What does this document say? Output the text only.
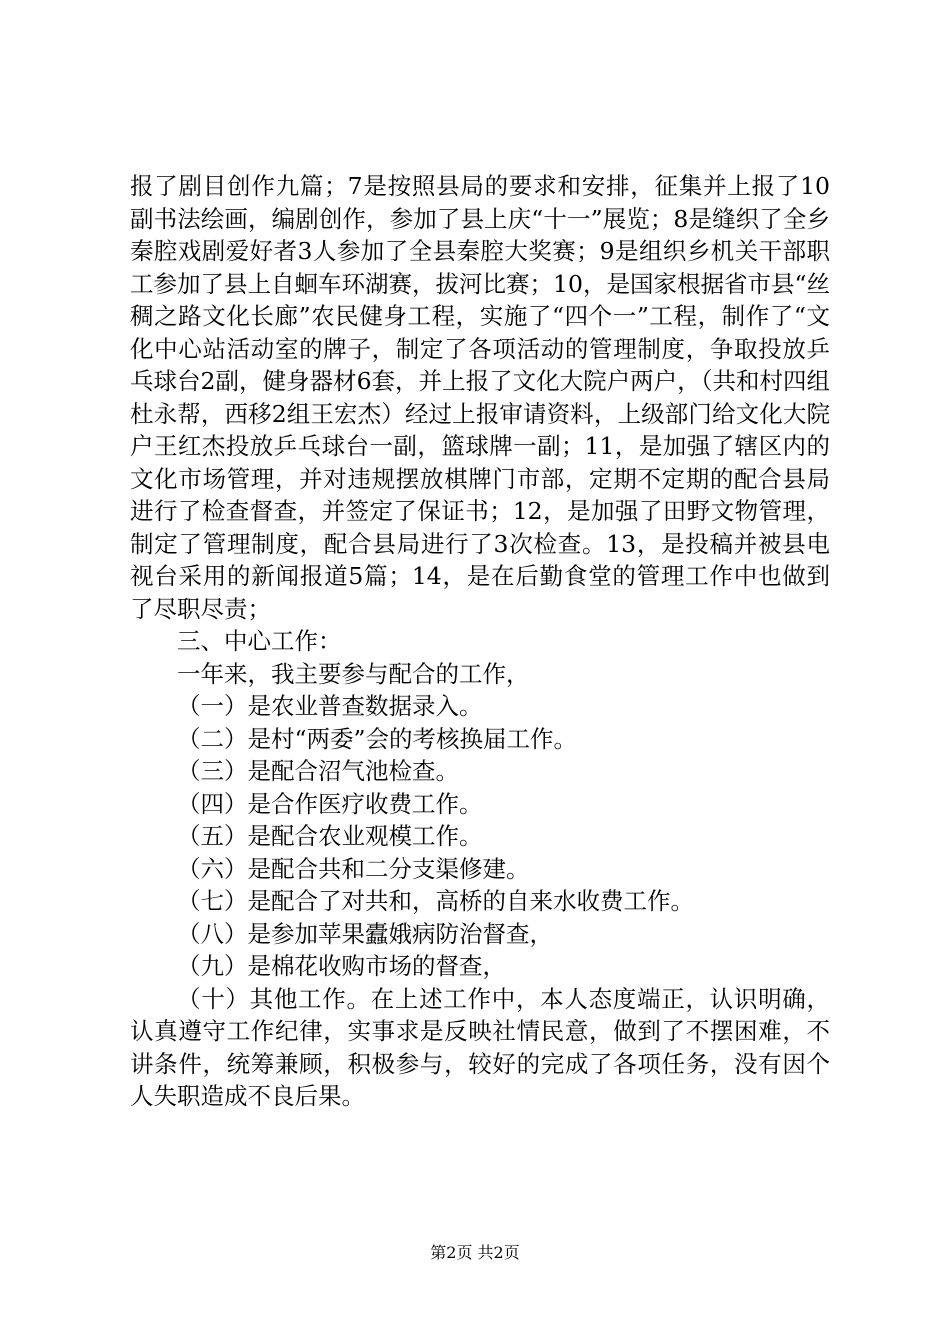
报了剧目创作九篇；7是按照县局的要求和安排，征集并上报了10副书法绘画，编剧创作，参加了县上庆“十一”展览；8是缝织了全乡秦腔戏剧爱好者3人参加了全县秦腔大奖赛；9是组织乡机关干部职工参加了县上自蛔车环湖赛，拔河比赛；10，是国家根据省市县“丝稠之路文化长廊”农民健身工程，实施了“四个一”工程，制作了“文化中心站活动室的牌子，制定了各项活动的管理制度，争取投放乒乓球台2副，健身器材6套，并上报了文化大院户两户，（共和村四组杜永帮，西移2组王宏杰）经过上报审请资料，上级部门给文化大院户王红杰投放乒乓球台一副，篮球牌一副；11，是加强了辖区内的文化市场管理，并对违规摆放棋牌门市部，定期不定期的配合县局进行了检查督查，并签定了保证书；12，是加强了田野文物管理，制定了管理制度，配合县局进行了3次检查。13，是投稿并被县电视台采用的新闻报道5篇；14，是在后勤食堂的管理工作中也做到了尽职尽责；

三、中心工作：

一年来，我主要参与配合的工作，

（一）是农业普查数据录入。

（二）是村“两委”会的考核换届工作。

（三）是配合沼气池检查。

（四）是合作医疗收费工作。

（五）是配合农业观模工作。

（六）是配合共和二分支渠修建。

（七）是配合了对共和，高桥的自来水收费工作。

（八）是参加苹果蠹娥病防治督查，

（九）是棉花收购市场的督查，

（十）其他工作。在上述工作中，本人态度端正，认识明确，认真遵守工作纪律，实事求是反映社情民意，做到了不摆困难，不讲条件，统筹兼顾，积极参与，较好的完成了各项任务，没有因个人失职造成不良后果。

第2页 共2页
